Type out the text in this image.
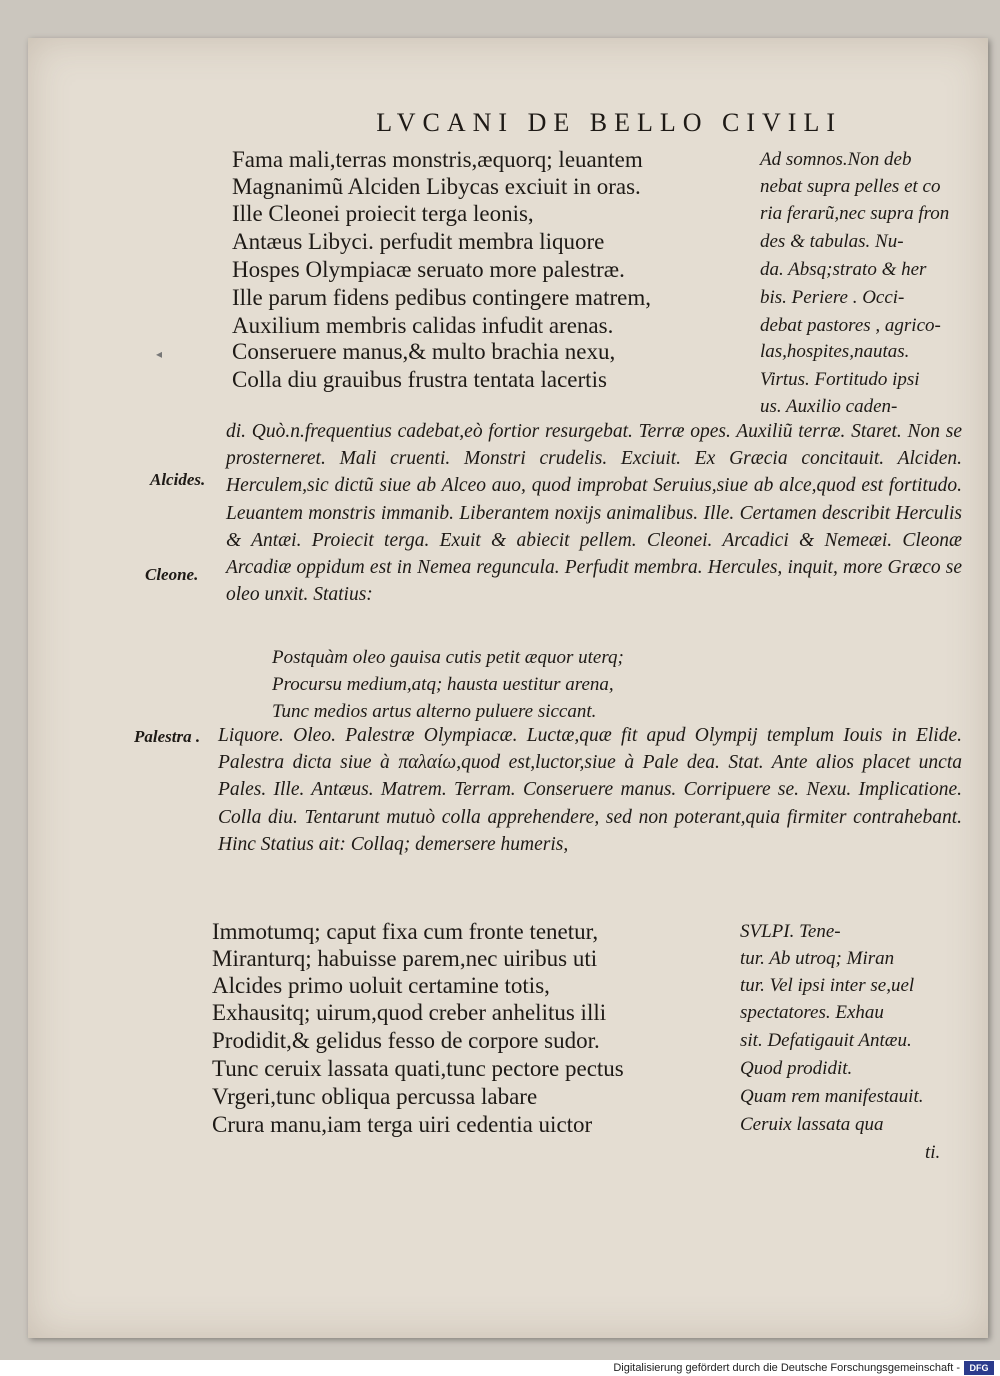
LVCANI DE BELLO CIVILI
Fama mali,terras monstris,æquorq; leuantem
Magnanimũ Alciden Libycas exciuit in oras.
Ille Cleonei proiecit terga leonis,
Antæus Libyci. perfudit membra liquore
Hospes Olympiacæ seruato more palestræ.
Ille parum fidens pedibus contingere matrem,
Auxilium membris calidas infudit arenas.
Conseruere manus,& multo brachia nexu,
Colla diu grauibus frustra tentata lacertis
◂
Ad somnos.Non deb
nebat supra pelles et co
ria ferarũ,nec supra fron
des & tabulas. Nu-
da. Absq;strato & her
bis. Periere . Occi-
debat pastores , agrico-
las,hospites,nautas.
Virtus. Fortitudo ipsi
us. Auxilio caden-

di. Quò.n.frequentius cadebat,eò fortior resurgebat. Terræ opes. Auxiliũ terræ. Staret. Non se prosterneret. Mali cruenti. Monstri crudelis. Exciuit. Ex Græcia concitauit. Alciden. Herculem,sic dictũ siue ab Alceo auo, quod improbat Seruius,siue ab alce,quod est fortitudo. Leuantem monstris immanib. Liberantem noxijs animalibus. Ille. Certamen describit Herculis & Antæi. Proiecit terga. Exuit & abiecit pellem. Cleonei. Arcadici & Nemeæi. Cleonæ Arcadiæ oppidum est in Nemea reguncula. Perfudit membra. Hercules, inquit, more Græco se oleo unxit. Statius:

Postquàm oleo gauisa cutis petit æquor uterq;
Procursu medium,atq; hausta uestitur arena,
Tunc medios artus alterno puluere siccant.

Liquore. Oleo. Palestræ Olympiacæ. Luctæ,quæ fit apud Olympij templum Iouis in Elide. Palestra dicta siue à παλαίω,quod est,luctor,siue à Pale dea. Stat. Ante alios placet uncta Pales. Ille. Antæus. Matrem. Terram. Conseruere manus. Corripuere se. Nexu. Implicatione. Colla diu. Tentarunt mutuò colla apprehendere, sed non poterant,quia firmiter contrahebant. Hinc Statius ait: Collaq; demersere humeris,

Alcides.
Cleone.
Palestra .
Immotumq; caput fixa cum fronte tenetur,
Miranturq; habuisse parem,nec uiribus uti
Alcides primo uoluit certamine totis,
Exhausitq; uirum,quod creber anhelitus illi
Prodidit,& gelidus fesso de corpore sudor.
Tunc ceruix lassata quati,tunc pectore pectus
Vrgeri,tunc obliqua percussa labare
Crura manu,iam terga uiri cedentia uictor
SVLPI. Tene-
tur. Ab utroq; Miran
tur. Vel ipsi inter se,uel
spectatores. Exhau
sit. Defatigauit Antæu.
Quod prodidit.
Quam rem manifestauit.
Ceruix lassata qua
ti.
Digitalisierung gefördert durch die Deutsche Forschungsgemeinschaft -	DFG
